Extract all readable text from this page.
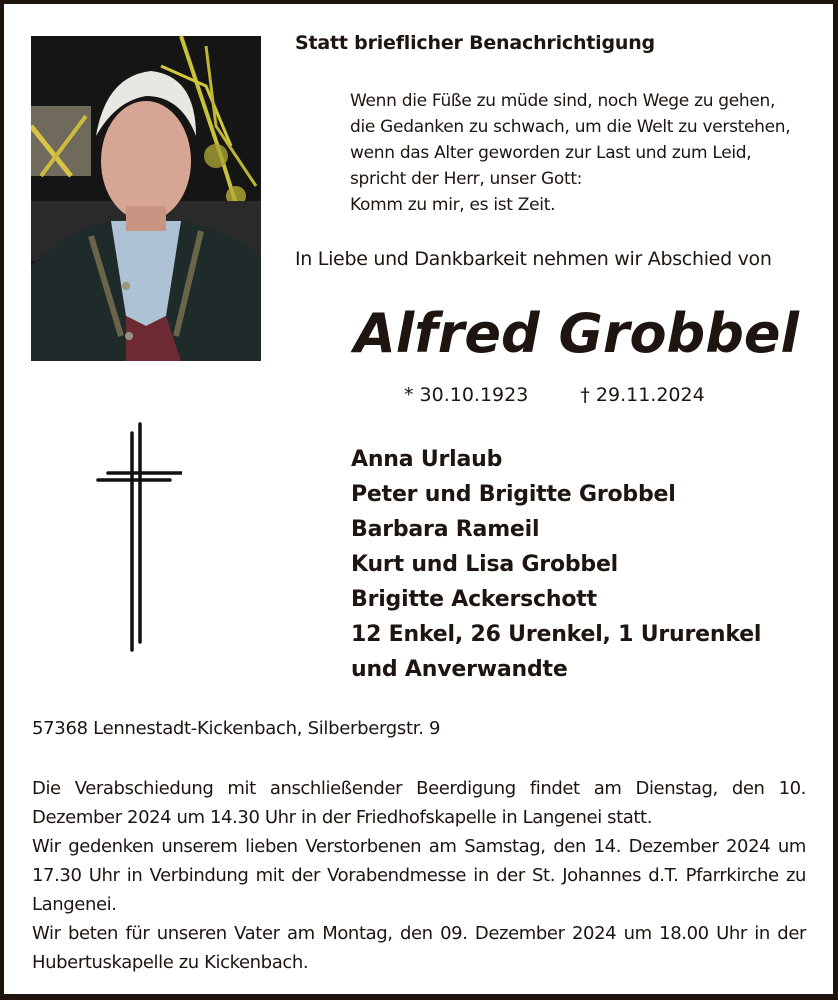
Statt brieflicher Benachrichtigung
Wenn die Füße zu müde sind, noch Wege zu gehen,
die Gedanken zu schwach, um die Welt zu verstehen,
wenn das Alter geworden zur Last und zum Leid,
spricht der Herr, unser Gott:
Komm zu mir, es ist Zeit.
In Liebe und Dankbarkeit nehmen wir Abschied von
Alfred Grobbel
* 30.10.1923	† 29.11.2024
Anna Urlaub
Peter und Brigitte Grobbel
Barbara Rameil
Kurt und Lisa Grobbel
Brigitte Ackerschott
12 Enkel, 26 Urenkel, 1 Ururenkel
und Anverwandte
57368 Lennestadt-Kickenbach, Silberbergstr. 9

Die Verabschiedung mit anschließender Beerdigung findet am Dienstag, den 10. Dezember 2024 um 14.30 Uhr in der Friedhofskapelle in Langenei statt.

Wir gedenken unserem lieben Verstorbenen am Samstag, den 14. Dezember 2024 um 17.30 Uhr in Verbindung mit der Vorabendmesse in der St. Johannes d.T. Pfarrkirche zu Langenei.

Wir beten für unseren Vater am Montag, den 09. Dezember 2024 um 18.00 Uhr in der Hubertuskapelle zu Kickenbach.
